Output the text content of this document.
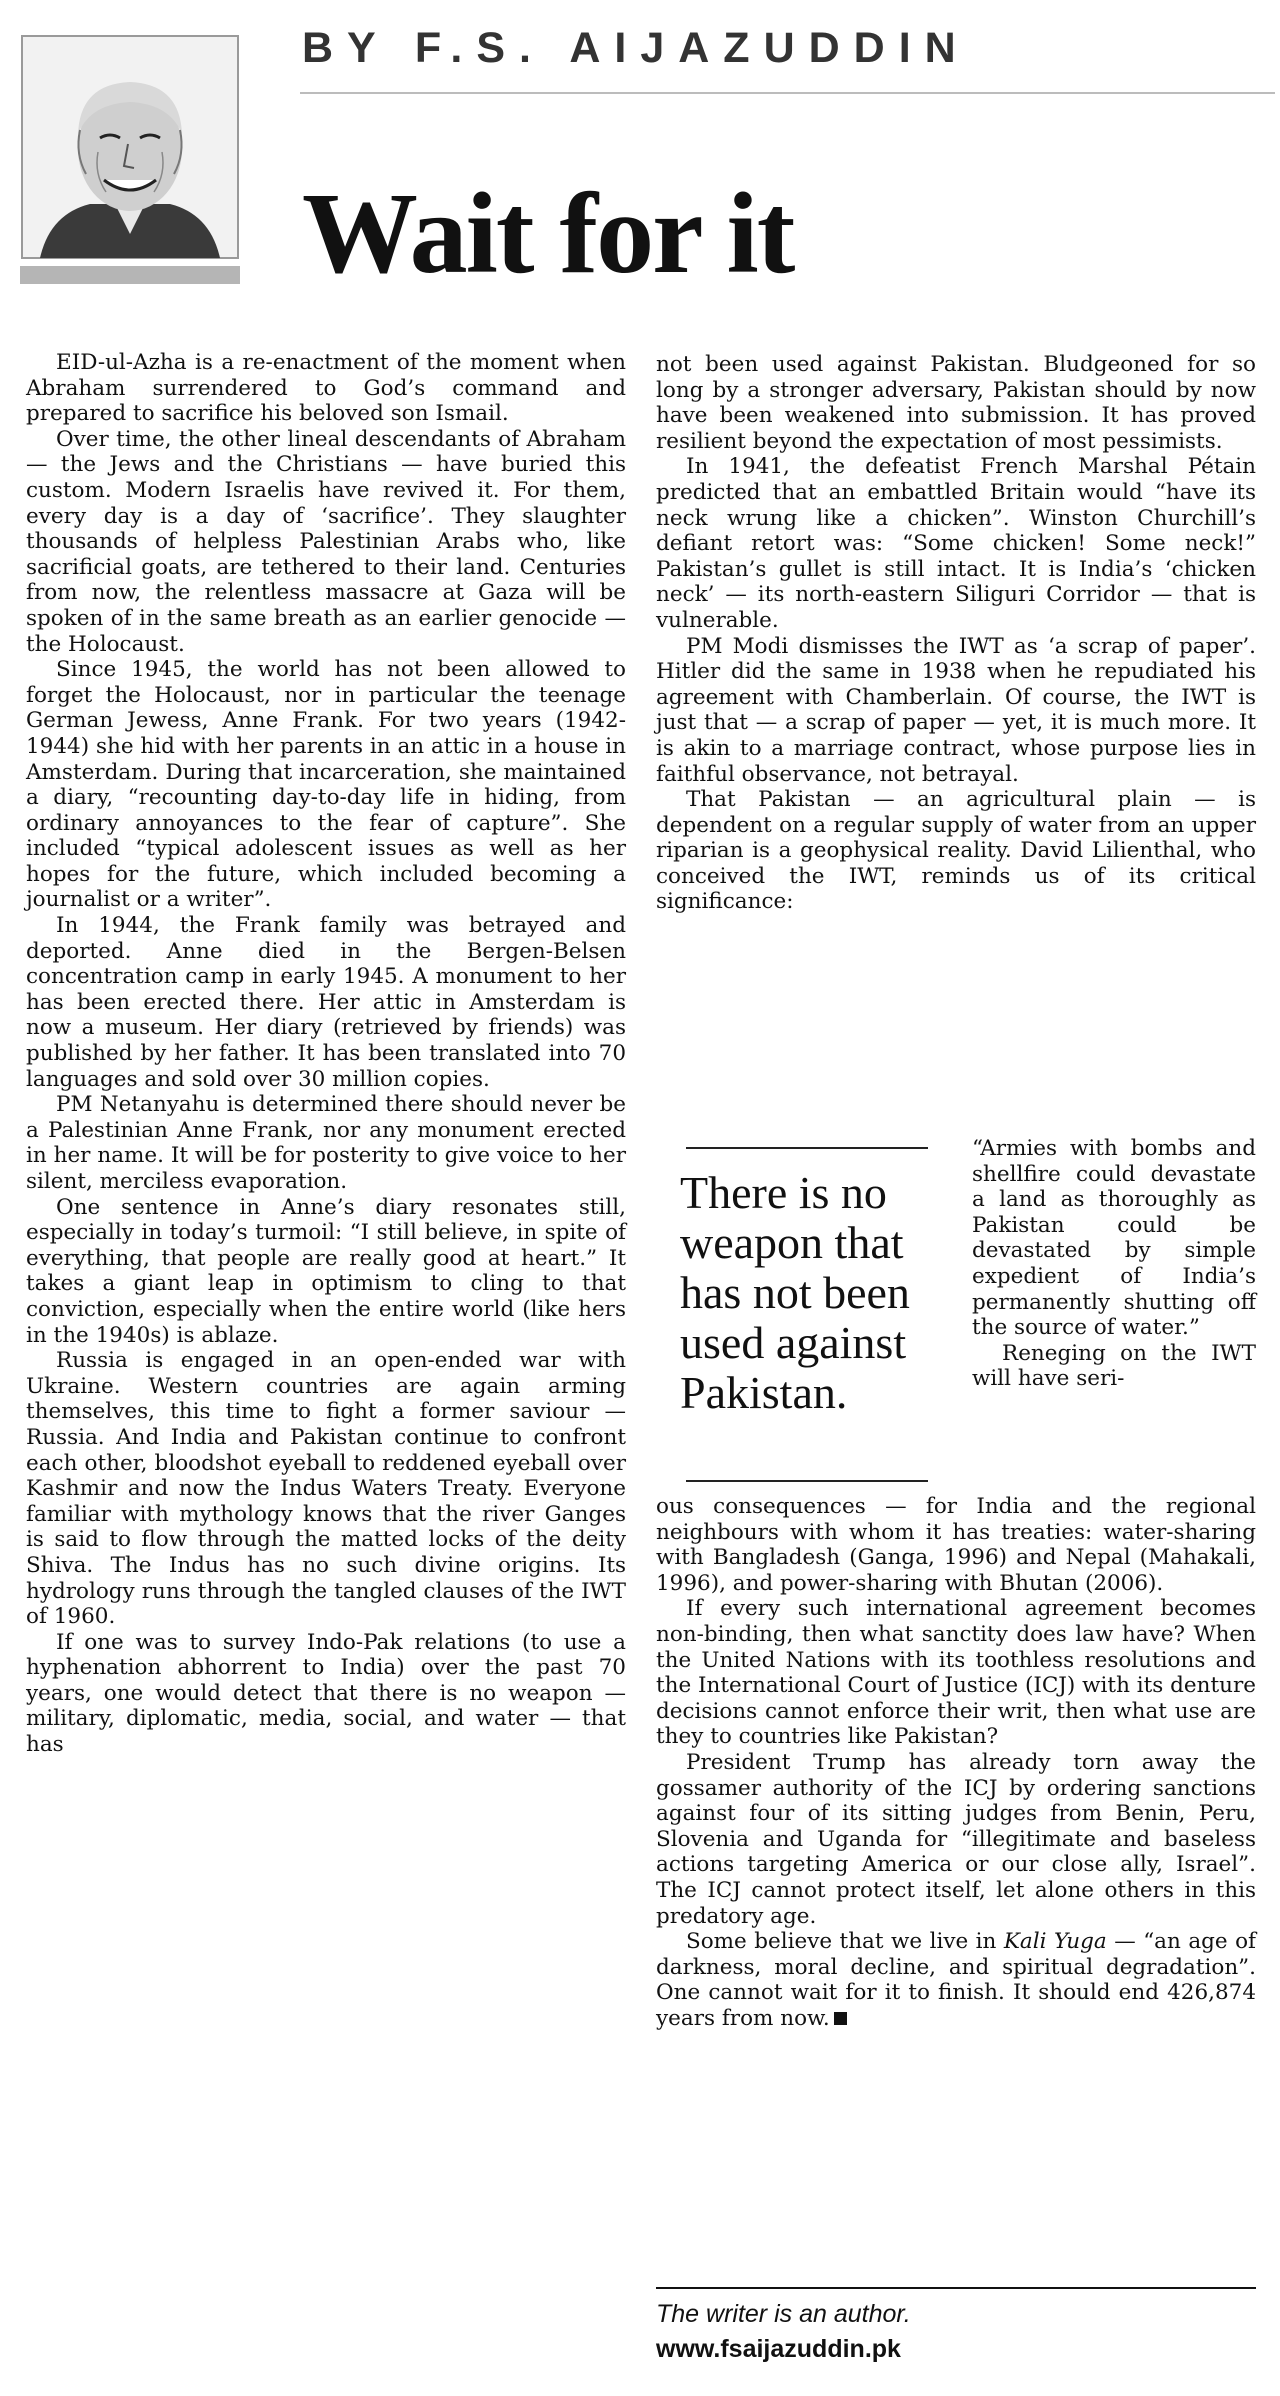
BY F.S. AIJAZUDDIN
Wait for it

EID-ul-Azha is a re-enactment of the moment when Abraham surrendered to God’s command and prepared to sacrifice his beloved son Ismail.

Over time, the other lineal descendants of Abraham — the Jews and the Christians — have buried this custom. Modern Israelis have revived it. For them, every day is a day of ‘sacrifice’. They slaughter thousands of helpless Palestinian Arabs who, like sacrificial goats, are tethered to their land. Centuries from now, the relentless massacre at Gaza will be spoken of in the same breath as an earlier genocide — the Holocaust.

Since 1945, the world has not been allowed to forget the Holocaust, nor in particular the teenage German Jewess, Anne Frank. For two years (1942-1944) she hid with her parents in an attic in a house in Amsterdam. During that incarceration, she maintained a diary, “recounting day-to-day life in hiding, from ordinary annoyances to the fear of capture”. She included “typical adolescent issues as well as her hopes for the future, which included becoming a journalist or a writer”.

In 1944, the Frank family was betrayed and deported. Anne died in the Bergen-Belsen concentration camp in early 1945. A monument to her has been erected there. Her attic in Amsterdam is now a museum. Her diary (retrieved by friends) was published by her father. It has been translated into 70 languages and sold over 30 million copies.

PM Netanyahu is determined there should never be a Palestinian Anne Frank, nor any monument erected in her name. It will be for posterity to give voice to her silent, merciless evaporation.

One sentence in Anne’s diary resonates still, especially in today’s turmoil: “I still believe, in spite of everything, that people are really good at heart.” It takes a giant leap in optimism to cling to that conviction, especially when the entire world (like hers in the 1940s) is ablaze.

Russia is engaged in an open-ended war with Ukraine. Western countries are again arming themselves, this time to fight a former saviour — Russia. And India and Pakistan continue to confront each other, bloodshot eyeball to reddened eyeball over Kashmir and now the Indus Waters Treaty. Everyone familiar with mythology knows that the river Ganges is said to flow through the matted locks of the deity Shiva. The Indus has no such divine origins. Its hydrology runs through the tangled clauses of the IWT of 1960.

If one was to survey Indo-Pak relations (to use a hyphenation abhorrent to India) over the past 70 years, one would detect that there is no weapon — military, diplomatic, media, social, and water — that has

not been used against Pakistan. Bludgeoned for so long by a stronger adversary, Pakistan should by now have been weakened into submission. It has proved resilient beyond the expectation of most pessimists.

In 1941, the defeatist French Marshal Pétain predicted that an embattled Britain would “have its neck wrung like a chicken”. Winston Churchill’s defiant retort was: “Some chicken! Some neck!” Pakistan’s gullet is still intact. It is India’s ‘chicken neck’ — its north-eastern Siliguri Corridor — that is vulnerable.

PM Modi dismisses the IWT as ‘a scrap of paper’. Hitler did the same in 1938 when he repudiated his agreement with Chamberlain. Of course, the IWT is just that — a scrap of paper — yet, it is much more. It is akin to a marriage contract, whose purpose lies in faithful observance, not betrayal.

That Pakistan — an agricultural plain — is dependent on a regular supply of water from an upper riparian is a geophysical reality. David Lilienthal, who conceived the IWT, reminds us of its critical significance:

There is no weapon that has not been used against Pakistan.

“Armies with bombs and shellfire could devastate a land as thoroughly as Pakistan could be devastated by simple expedient of India’s permanently shutting off the source of water.”

Reneging on the IWT will have seri-

ous consequences — for India and the regional neighbours with whom it has treaties: water-sharing with Bangladesh (Ganga, 1996) and Nepal (Mahakali, 1996), and power-sharing with Bhutan (2006).

If every such international agreement becomes non-binding, then what sanctity does law have? When the United Nations with its toothless resolutions and the International Court of Justice (ICJ) with its denture decisions cannot enforce their writ, then what use are they to countries like Pakistan?

President Trump has already torn away the gossamer authority of the ICJ by ordering sanctions against four of its sitting judges from Benin, Peru, Slovenia and Uganda for “illegitimate and baseless actions targeting America or our close ally, Israel”. The ICJ cannot protect itself, let alone others in this predatory age.

Some believe that we live in Kali Yuga — “an age of darkness, moral decline, and spiritual degradation”. One cannot wait for it to finish. It should end 426,874 years from now.

The writer is an author.
www.fsaijazuddin.pk
